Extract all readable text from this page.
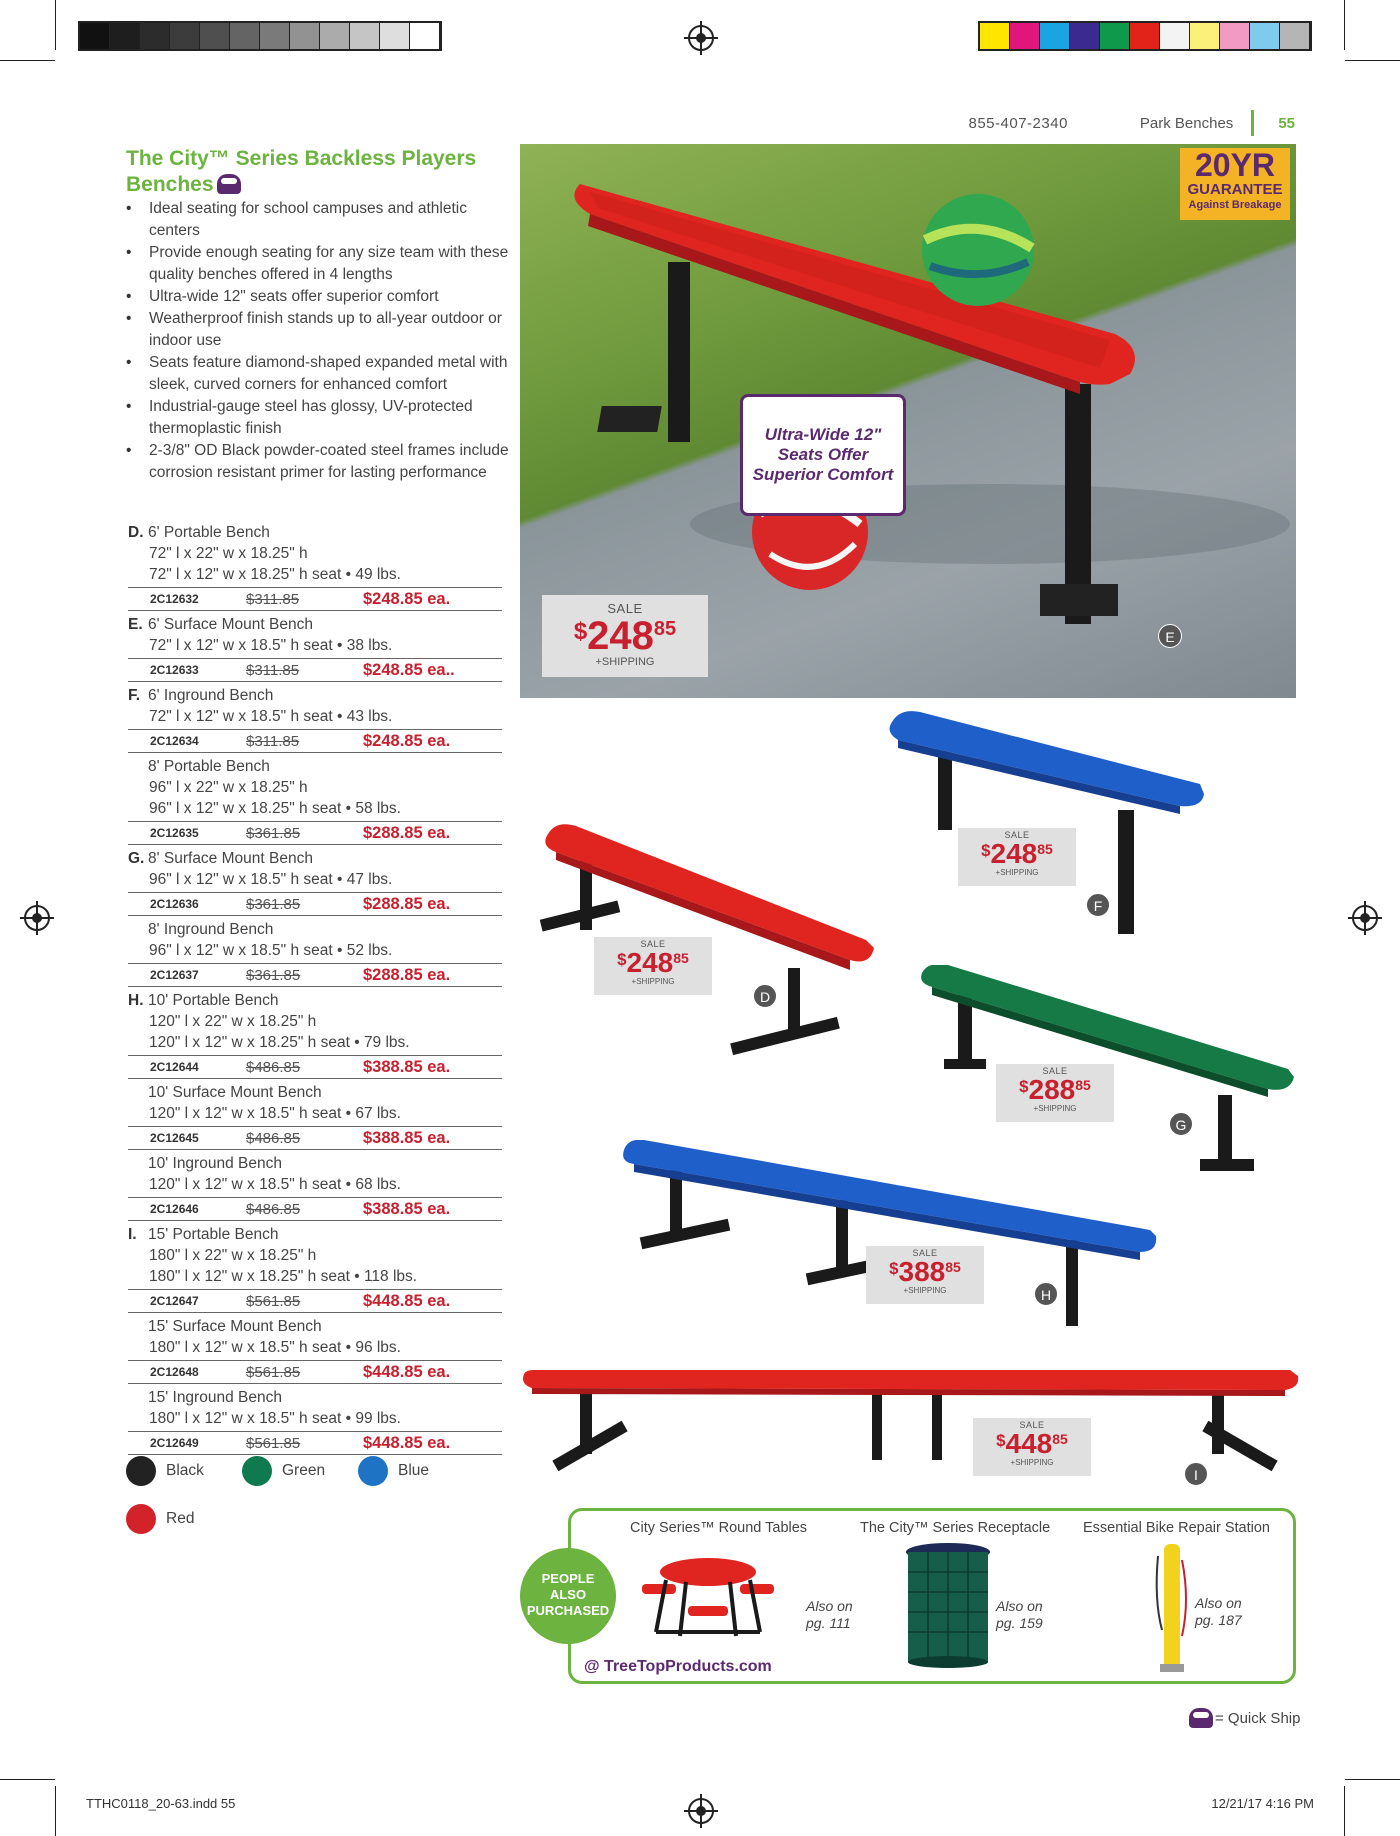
855-407-2340	Park Benches	55
The City™ Series Backless Players
Benches
• Ideal seating for school campuses and athletic centers
• Provide enough seating for any size team with these quality benches offered in 4 lengths
• Ultra-wide 12" seats offer superior comfort
• Weatherproof finish stands up to all-year outdoor or indoor use
• Seats feature diamond-shaped expanded metal with sleek, curved corners for enhanced comfort
• Industrial-gauge steel has glossy, UV-protected thermoplastic finish
• 2-3/8" OD Black powder-coated steel frames include corrosion resistant primer for lasting performance
D. 6' Portable Bench
72" l x 22" w x 18.25" h
72" l x 12" w x 18.25" h seat • 49 lbs.
2C12632	$311.85	$248.85 ea.
E. 6' Surface Mount Bench
72" l x 12" w x 18.5" h seat • 38 lbs.
2C12633	$311.85	$248.85 ea..
F. 6' Inground Bench
72" l x 12" w x 18.5" h seat • 43 lbs.
2C12634	$311.85	$248.85 ea.
8' Portable Bench
96" l x 22" w x 18.25" h
96" l x 12" w x 18.25" h seat • 58 lbs.
2C12635	$361.85	$288.85 ea.
G. 8' Surface Mount Bench
96" l x 12" w x 18.5" h seat • 47 lbs.
2C12636	$361.85	$288.85 ea.
8' Inground Bench
96" l x 12" w x 18.5" h seat • 52 lbs.
2C12637	$361.85	$288.85 ea.
H. 10' Portable Bench
120" l x 22" w x 18.25" h
120" l x 12" w x 18.25" h seat • 79 lbs.
2C12644	$486.85	$388.85 ea.
10' Surface Mount Bench
120" l x 12" w x 18.5" h seat • 67 lbs.
2C12645	$486.85	$388.85 ea.
10' Inground Bench
120" l x 12" w x 18.5" h seat • 68 lbs.
2C12646	$486.85	$388.85 ea.
I. 15' Portable Bench
180" l x 22" w x 18.25" h
180" l x 12" w x 18.25" h seat • 118 lbs.
2C12647	$561.85	$448.85 ea.
15' Surface Mount Bench
180" l x 12" w x 18.5" h seat • 96 lbs.
2C12648	$561.85	$448.85 ea.
15' Inground Bench
180" l x 12" w x 18.5" h seat • 99 lbs.
2C12649	$561.85	$448.85 ea.
Black	Green	Blue
Red
20YR
GUARANTEE
Against Breakage
Ultra-Wide 12" Seats Offer Superior Comfort
E
SALE
$^{\$}248^{85}$
+SHIPPING
SALE
$^{\$}248^{85}$
+SHIPPING
SALE
$^{\$}248^{85}$
+SHIPPING
SALE
$^{\$}288^{85}$
+SHIPPING
SALE
$^{\$}388^{85}$
+SHIPPING
SALE
$^{\$}448^{85}$
+SHIPPING
F
D
G
H
I
PEOPLE
ALSO
PURCHASED
City Series™ Round Tables	The City™ Series Receptacle Essential Bike Repair Station
Also on
pg. 111
Also on
pg. 159
Also on
pg. 187
@ TreeTopProducts.com
= Quick Ship
TTHC0118_20-63.indd 55	12/21/17 4:16 PM
